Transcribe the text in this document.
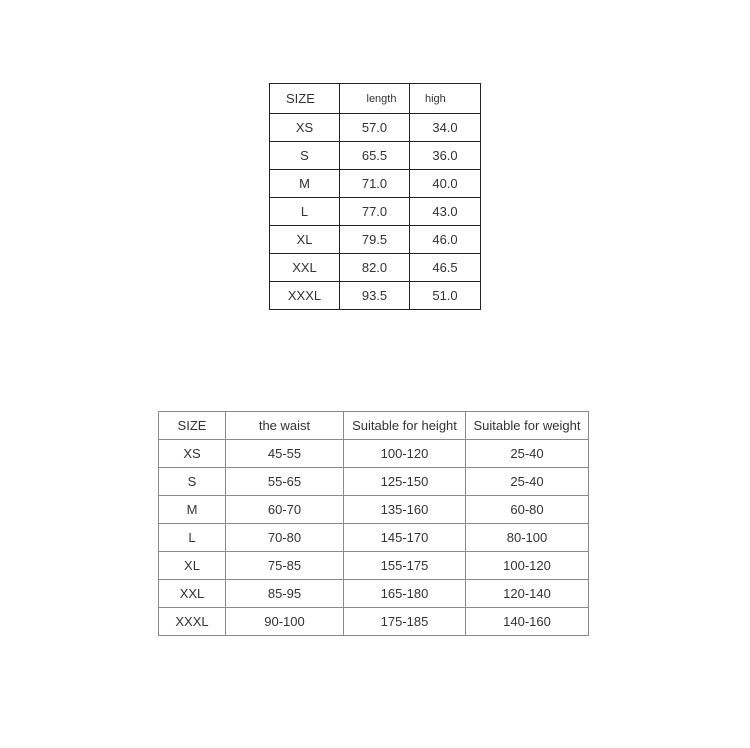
SIZE	length	high
XS	57.0	34.0
S	65.5	36.0
M	71.0	40.0
L	77.0	43.0
XL	79.5	46.0
XXL	82.0	46.5
XXXL	93.5	51.0
SIZE	the waist	Suitable for height	Suitable for weight
XS	45-55	100-120	25-40
S	55-65	125-150	25-40
M	60-70	135-160	60-80
L	70-80	145-170	80-100
XL	75-85	155-175	100-120
XXL	85-95	165-180	120-140
XXXL	90-100	175-185	140-160
